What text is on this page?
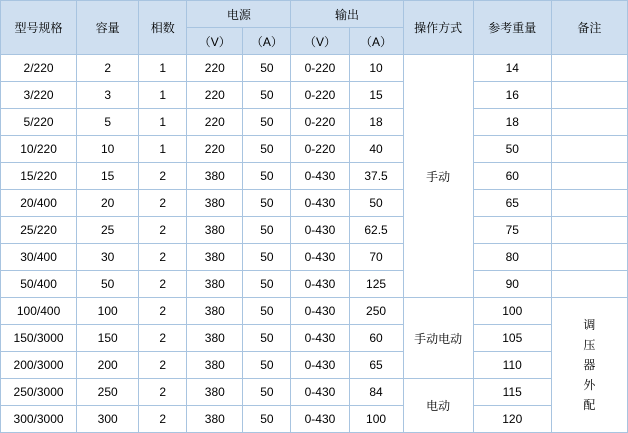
型号规格	容量	相数	电源		输出		操作方式	参考重量	备注
			（V）	（A）	（V）	（A）			
2/220	2	1	220	50	0-220	10	手动	14	
3/220	3	1	220	50	0-220	15		16	
5/220	5	1	220	50	0-220	18		18	
10/220	10	1	220	50	0-220	40		50	
15/220	15	2	380	50	0-430	37.5		60	
20/400	20	2	380	50	0-430	50		65	
25/220	25	2	380	50	0-430	62.5		75	
30/400	30	2	380	50	0-430	70		80	
50/400	50	2	380	50	0-430	125		90	
100/400	100	2	380	50	0-430	250	手动电动	100	调压器外配

150/3000	150	2	380	50	0-430	60		105	
200/3000	200	2	380	50	0-430	65		110	
250/3000	250	2	380	50	0-430	84	电动	115	
300/3000	300	2	380	50	0-430	100		120	
